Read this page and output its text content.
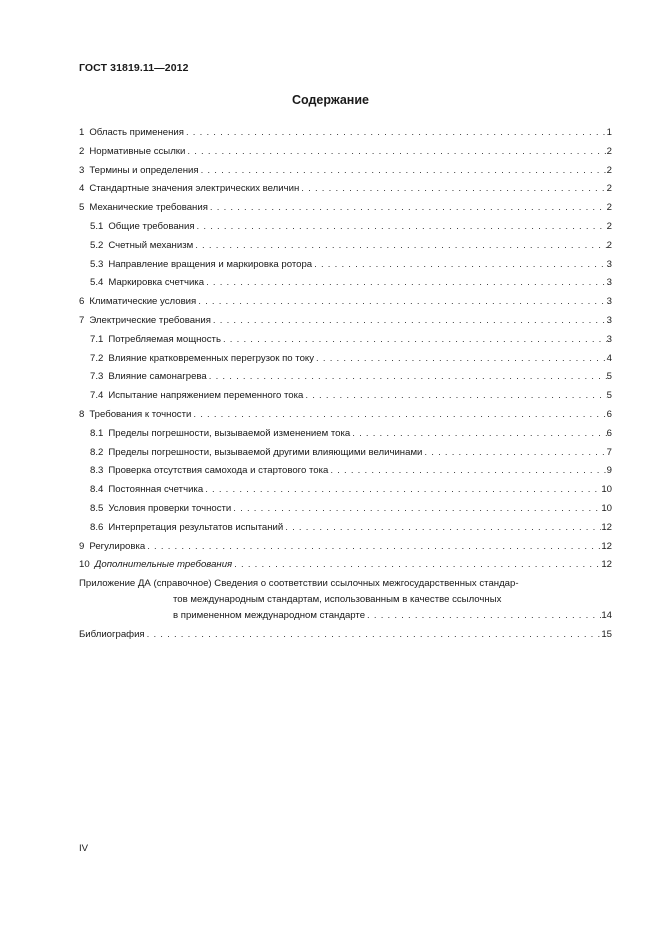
ГОСТ 31819.11—2012
Содержание
1 Область применения . . .	1
2 Нормативные ссылки . . .	2
3 Термины и определения . . .	2
4 Стандартные значения электрических величин . . .	2
5 Механические требования . . .	2
5.1 Общие требования . . .	2
5.2 Счетный механизм . . .	2
5.3 Направление вращения и маркировка ротора . . .	3
5.4 Маркировка счетчика . . .	3
6 Климатические условия . . .	3
7 Электрические требования . . .	3
7.1 Потребляемая мощность . . .	3
7.2 Влияние кратковременных перегрузок по току . . .	4
7.3 Влияние самонагрева . . .	5
7.4 Испытание напряжением переменного тока . . .	5
8 Требования к точности . . .	6
8.1 Пределы погрешности, вызываемой изменением тока . . .	6
8.2 Пределы погрешности, вызываемой другими влияющими величинами . . .	7
8.3 Проверка отсутствия самохода и стартового тока . . .	9
8.4 Постоянная счетчика . . .	10
8.5 Условия проверки точности . . .	10
8.6 Интерпретация результатов испытаний . . .	12
9 Регулировка . . .	12
10 Дополнительные требования . . .	12
Приложение ДА (справочное) Сведения о соответствии ссылочных межгосударственных стандар-
тов международным стандартам, использованным в качестве ссылочных
в примененном международном стандарте . . .	14
Библиография . . .	15
IV
